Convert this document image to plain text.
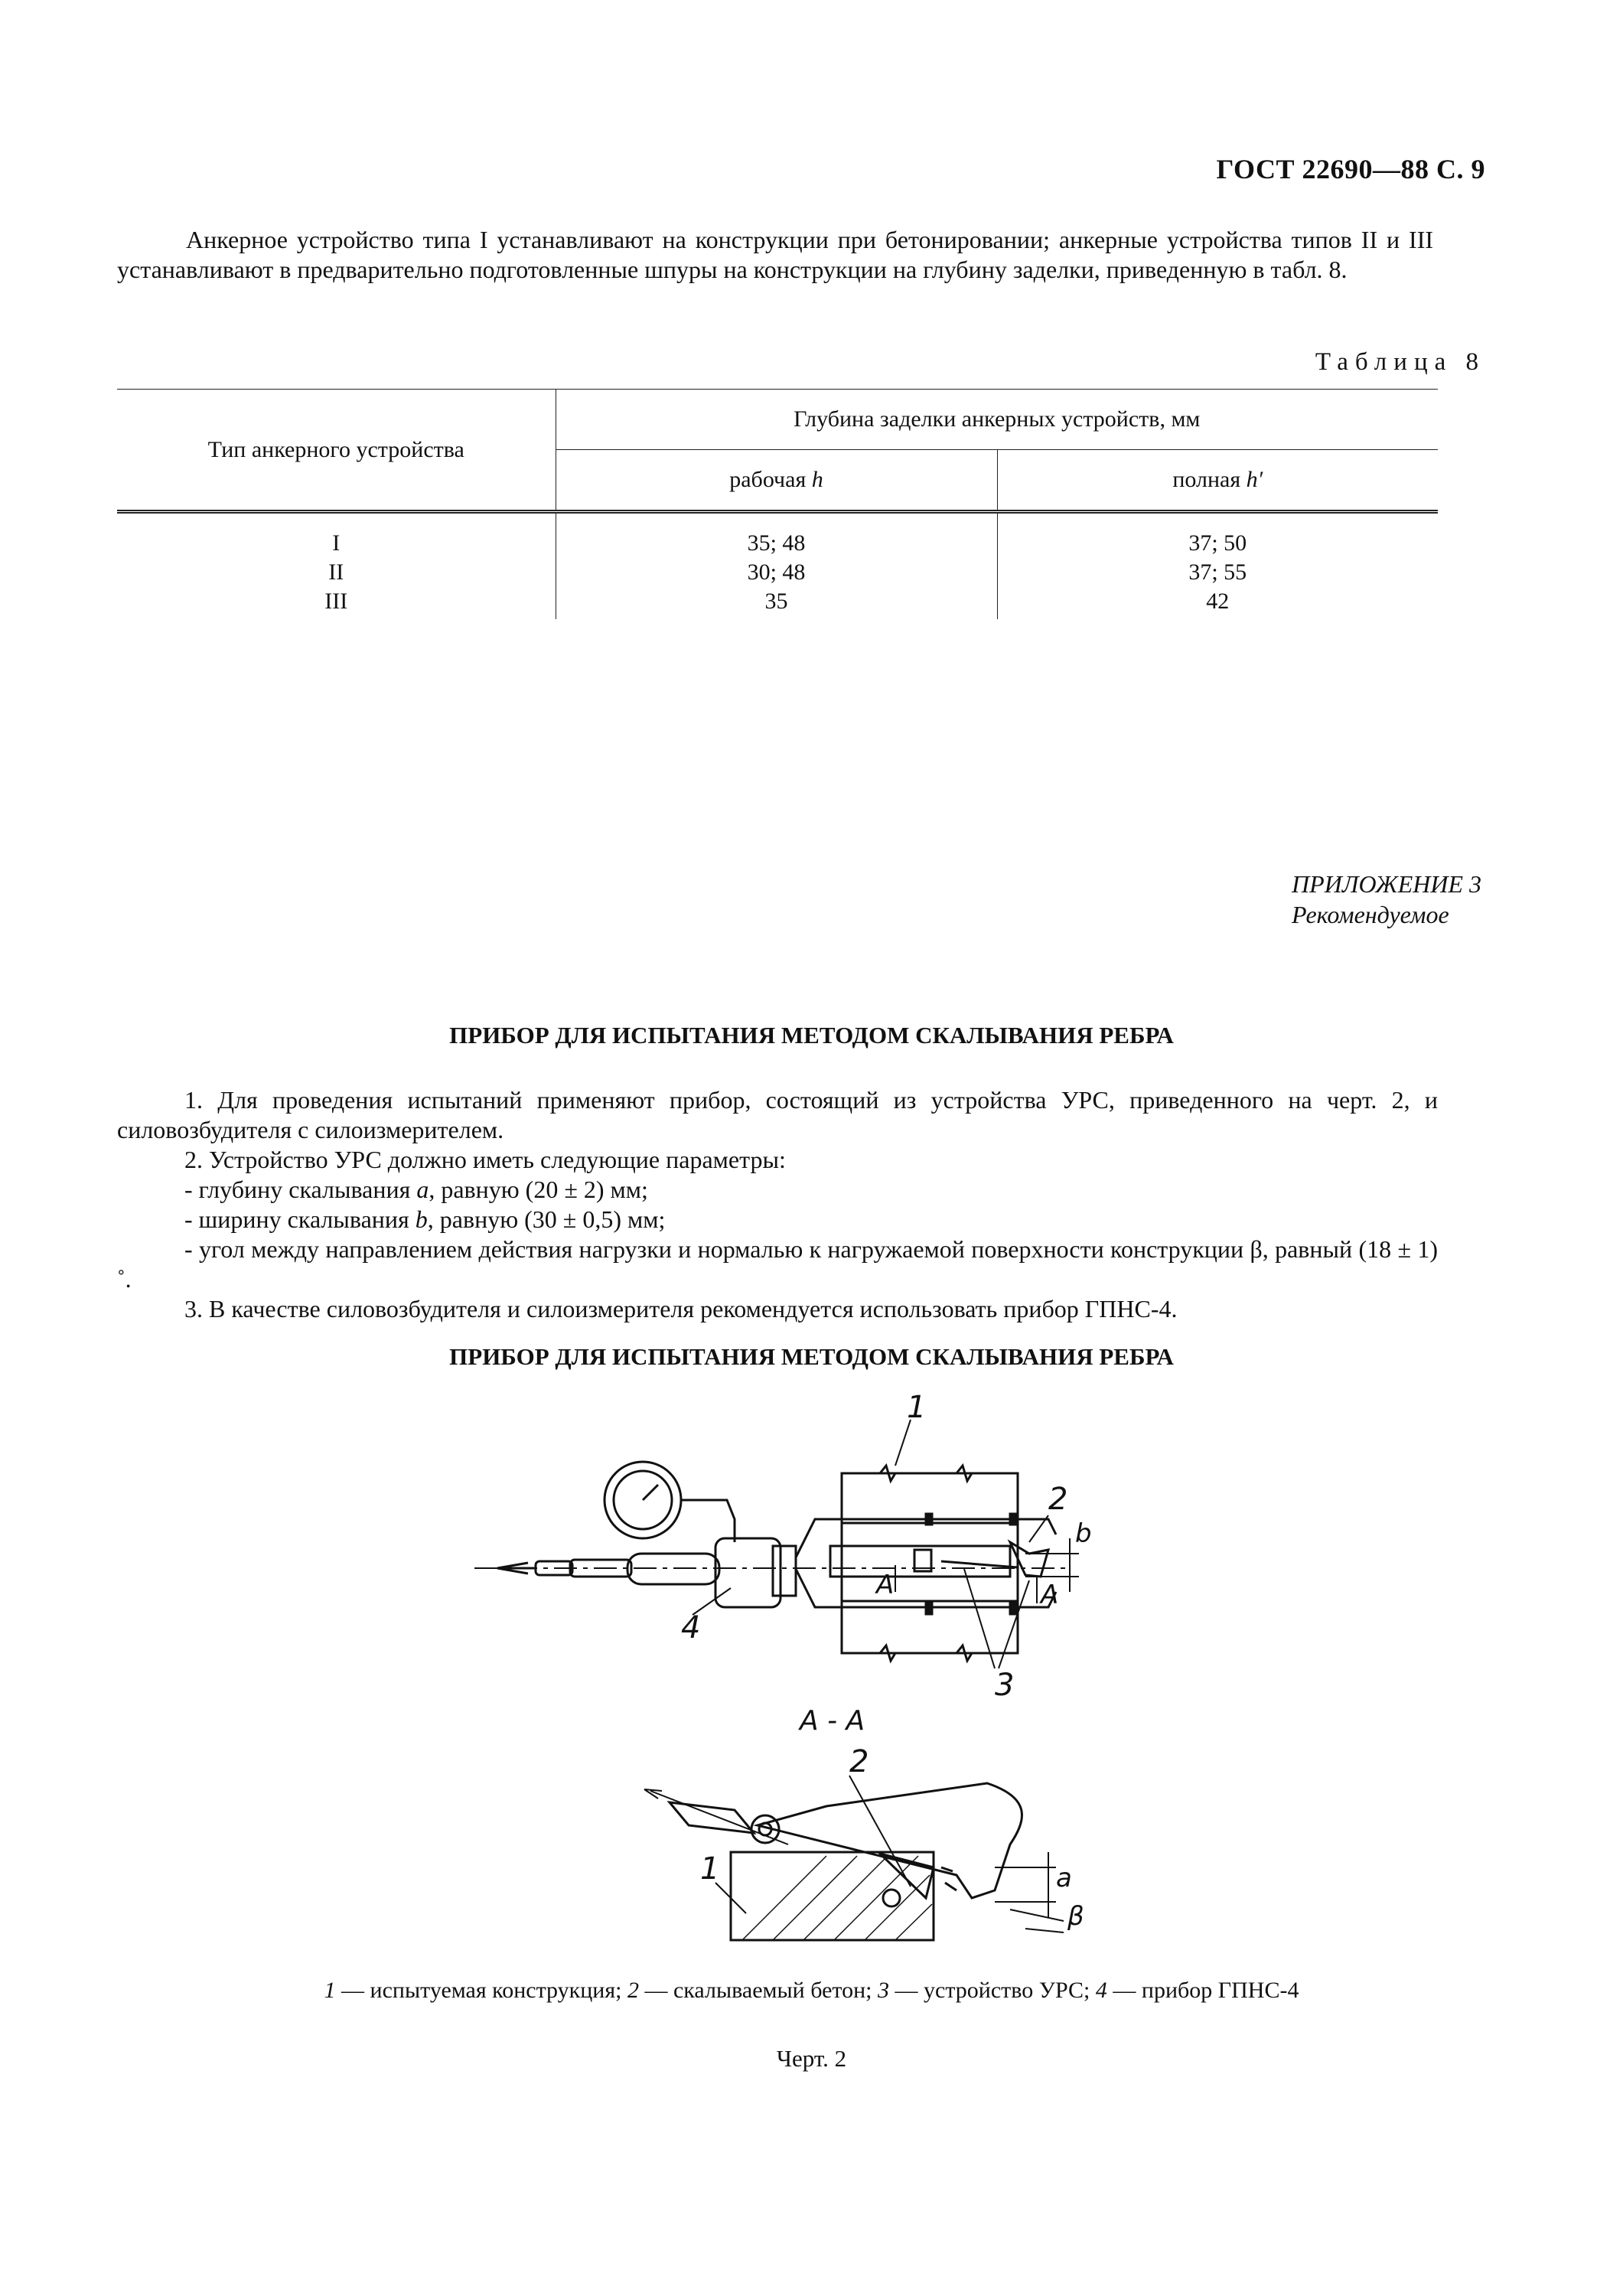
ГОСТ 22690—88 С. 9

Анкерное устройство типа I устанавливают на конструкции при бетонировании; анкерные устройства типов II и III устанавливают в предварительно подготовленные шпуры на конструкции на глубину заделки, приведенную в табл. 8.

Таблица 8
Тип анкерного устройства	Глубина заделки анкерных устройств, мм	
	рабочая h	полная h′
I	35; 48	37; 50
II	30; 48	37; 55
III	35	42
ПРИЛОЖЕНИЕ 3
Рекомендуемое
ПРИБОР ДЛЯ ИСПЫТАНИЯ МЕТОДОМ СКАЛЫВАНИЯ РЕБРА

1. Для проведения испытаний применяют прибор, состоящий из устройства УРС, приведенного на черт. 2, и силовозбудителя с силоизмерителем.

2. Устройство УРС должно иметь следующие параметры:

- глубину скалывания a, равную (20 ± 2) мм;

- ширину скалывания b, равную (30 ± 0,5) мм;

- угол между направлением действия нагрузки и нормалью к нагружаемой поверхности конструкции β, равный (18 ± 1) ˚.

3. В качестве силовозбудителя и силоизмерителя рекомендуется использовать прибор ГПНС-4.

ПРИБОР ДЛЯ ИСПЫТАНИЯ МЕТОДОМ СКАЛЫВАНИЯ РЕБРА
1
2
3
4
A	A
b
A - A
2
1	a
β
1 — испытуемая конструкция; 2 — скалываемый бетон; 3 — устройство УРС; 4 — прибор ГПНС-4
Черт. 2
